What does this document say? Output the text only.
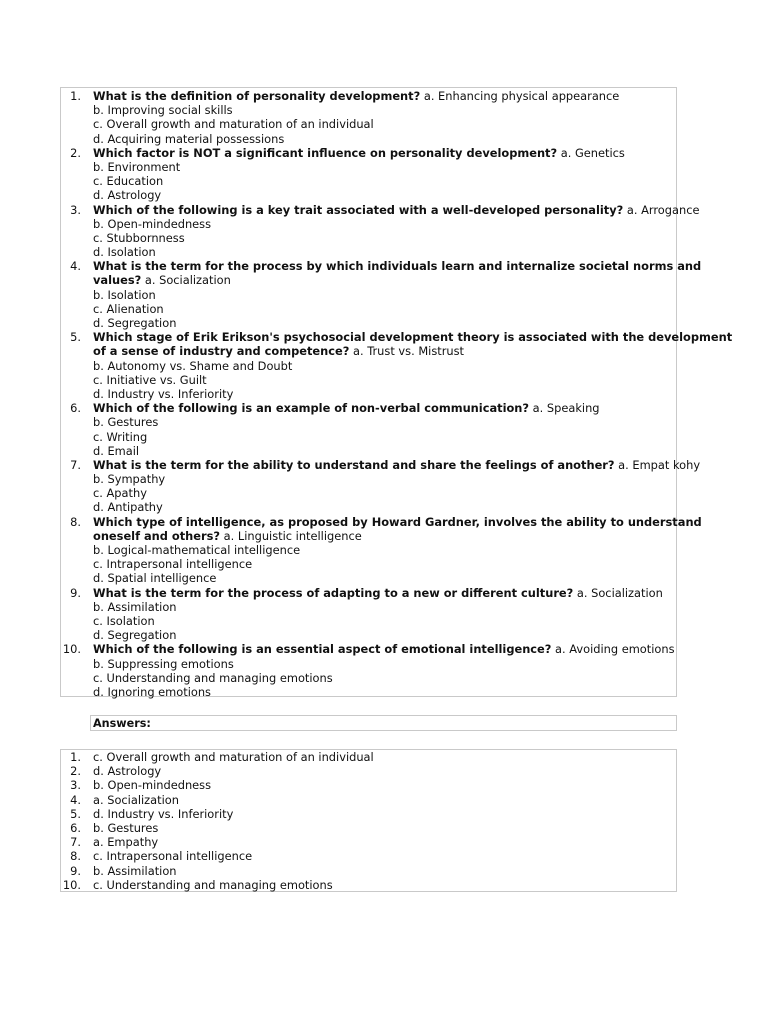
1. What is the definition of personality development? a. Enhancing physical appearance
b. Improving social skills
c. Overall growth and maturation of an individual
d. Acquiring material possessions
2. Which factor is NOT a significant influence on personality development? a. Genetics
b. Environment
c. Education
d. Astrology
3. Which of the following is a key trait associated with a well-developed personality? a. Arrogance
b. Open-mindedness
c. Stubbornness
d. Isolation
4. What is the term for the process by which individuals learn and internalize societal norms and
values? a. Socialization
b. Isolation
c. Alienation
d. Segregation
5. Which stage of Erik Erikson's psychosocial development theory is associated with the development
of a sense of industry and competence? a. Trust vs. Mistrust
b. Autonomy vs. Shame and Doubt
c. Initiative vs. Guilt
d. Industry vs. Inferiority
6. Which of the following is an example of non-verbal communication? a. Speaking
b. Gestures
c. Writing
d. Email
7. What is the term for the ability to understand and share the feelings of another? a. Empat kohy
b. Sympathy
c. Apathy
d. Antipathy
8. Which type of intelligence, as proposed by Howard Gardner, involves the ability to understand
oneself and others? a. Linguistic intelligence
b. Logical-mathematical intelligence
c. Intrapersonal intelligence
d. Spatial intelligence
9. What is the term for the process of adapting to a new or different culture? a. Socialization
b. Assimilation
c. Isolation
d. Segregation
10. Which of the following is an essential aspect of emotional intelligence? a. Avoiding emotions
b. Suppressing emotions
c. Understanding and managing emotions
d. Ignoring emotions
Answers:
1. c. Overall growth and maturation of an individual
2. d. Astrology
3. b. Open-mindedness
4. a. Socialization
5. d. Industry vs. Inferiority
6. b. Gestures
7. a. Empathy
8. c. Intrapersonal intelligence
9. b. Assimilation
10. c. Understanding and managing emotions
